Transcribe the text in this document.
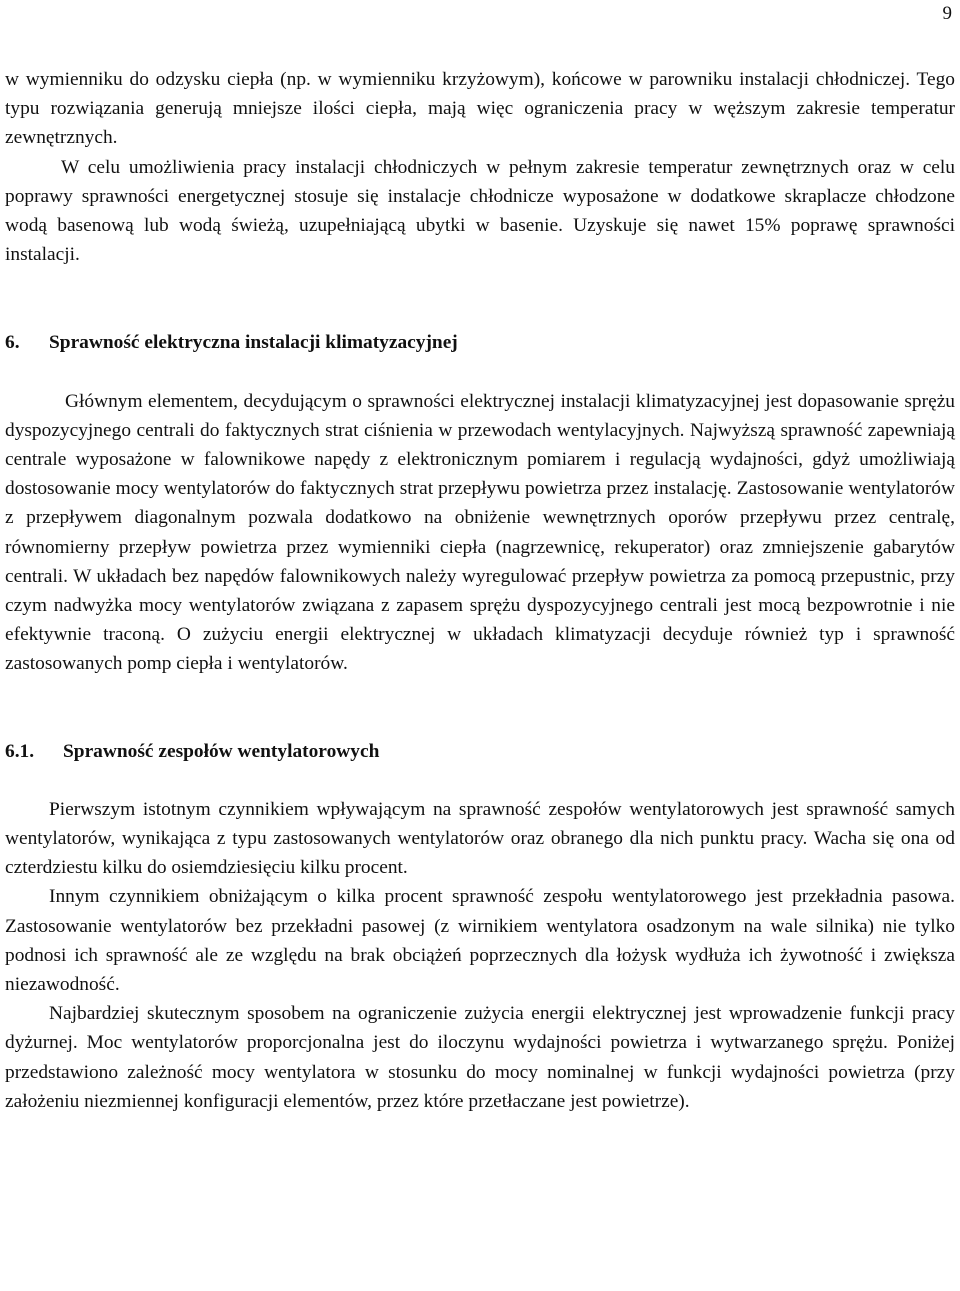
9

w wymienniku do odzysku ciepła (np. w wymienniku krzyżowym), końcowe w parowniku instalacji chłodniczej. Tego typu rozwiązania generują mniejsze ilości ciepła, mają więc ograniczenia pracy w węższym zakresie temperatur zewnętrznych.

W celu umożliwienia pracy instalacji chłodniczych w pełnym zakresie temperatur zewnętrznych oraz w celu poprawy sprawności energetycznej stosuje się instalacje chłodnicze wyposażone w dodatkowe skraplacze chłodzone wodą basenową lub wodą świeżą, uzupełniającą ubytki w basenie. Uzyskuje się nawet 15% poprawę sprawności instalacji.

6. Sprawność elektryczna instalacji klimatyzacyjnej

Głównym elementem, decydującym o sprawności elektrycznej instalacji klimatyzacyjnej jest dopasowanie sprężu dyspozycyjnego centrali do faktycznych strat ciśnienia w przewodach wentylacyjnych. Najwyższą sprawność zapewniają centrale wyposażone w falownikowe napędy z elektronicznym pomiarem i regulacją wydajności, gdyż umożliwiają dostosowanie mocy wentylatorów do faktycznych strat przepływu powietrza przez instalację. Zastosowanie wentylatorów z przepływem diagonalnym pozwala dodatkowo na obniżenie wewnętrznych oporów przepływu przez centralę, równomierny przepływ powietrza przez wymienniki ciepła (nagrzewnicę, rekuperator) oraz zmniejszenie gabarytów centrali. W układach bez napędów falownikowych należy wyregulować przepływ powietrza za pomocą przepustnic, przy czym nadwyżka mocy wentylatorów związana z zapasem sprężu dyspozycyjnego centrali jest mocą bezpowrotnie i nie efektywnie traconą. O zużyciu energii elektrycznej w układach klimatyzacji decyduje również typ i sprawność zastosowanych pomp ciepła i wentylatorów.

6.1. Sprawność zespołów wentylatorowych

Pierwszym istotnym czynnikiem wpływającym na sprawność zespołów wentylatorowych jest sprawność samych wentylatorów, wynikająca z typu zastosowanych wentylatorów oraz obranego dla nich punktu pracy. Wacha się ona od czterdziestu kilku do osiemdziesięciu kilku procent.

Innym czynnikiem obniżającym o kilka procent sprawność zespołu wentylatorowego jest przekładnia pasowa. Zastosowanie wentylatorów bez przekładni pasowej (z wirnikiem wentylatora osadzonym na wale silnika) nie tylko podnosi ich sprawność ale ze względu na brak obciążeń poprzecznych dla łożysk wydłuża ich żywotność i zwiększa niezawodność.

Najbardziej skutecznym sposobem na ograniczenie zużycia energii elektrycznej jest wprowadzenie funkcji pracy dyżurnej. Moc wentylatorów proporcjonalna jest do iloczynu wydajności powietrza i wytwarzanego sprężu. Poniżej przedstawiono zależność mocy wentylatora w stosunku do mocy nominalnej w funkcji wydajności powietrza (przy założeniu niezmiennej konfiguracji elementów, przez które przetłaczane jest powietrze).
